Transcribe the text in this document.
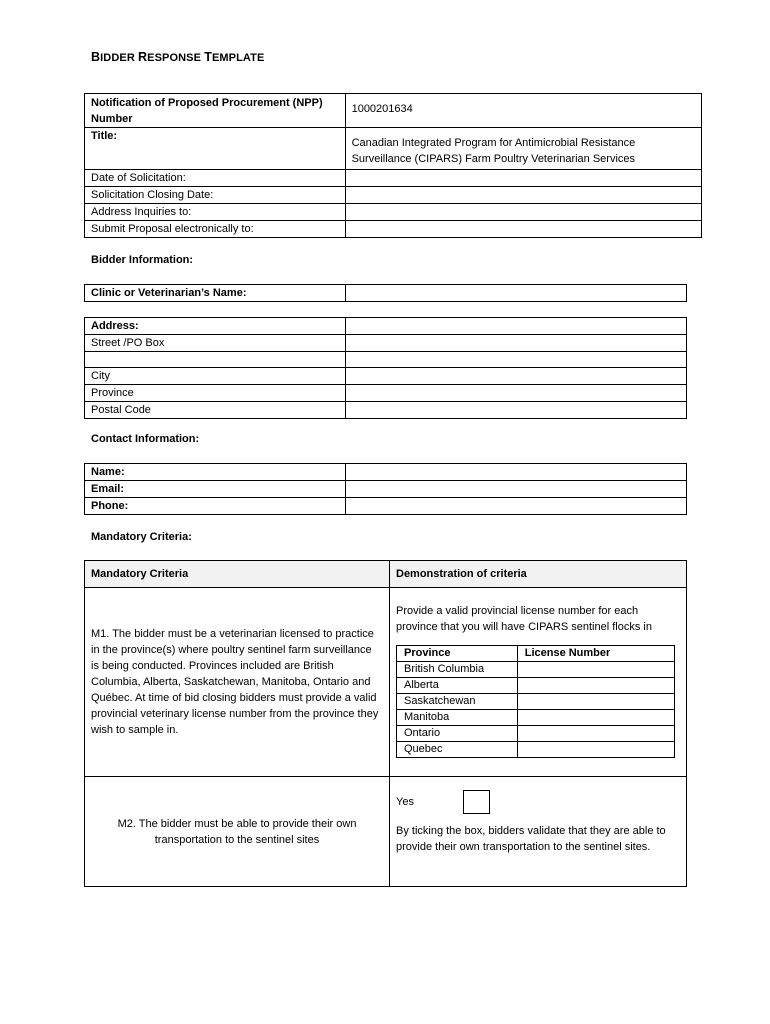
BIDDER RESPONSE TEMPLATE
Notification of Proposed Procurement (NPP) Number	1000201634
Title:	Canadian Integrated Program for Antimicrobial Resistance Surveillance (CIPARS) Farm Poultry Veterinarian Services
Date of Solicitation:	
Solicitation Closing Date:	
Address Inquiries to:	
Submit Proposal electronically to:	
Bidder Information:
Clinic or Veterinarian’s Name:	
Address:	
Street /PO Box	

City	
Province	
Postal Code	
Contact Information:
Name:	
Email:	
Phone:	
Mandatory Criteria:
Mandatory Criteria	Demonstration of criteria
M1. The bidder must be a veterinarian licensed to practice in the province(s) where poultry sentinel farm surveillance is being conducted. Provinces included are British Columbia, Alberta, Saskatchewan, Manitoba, Ontario and Québec. At time of bid closing bidders must provide a valid provincial veterinary license number from the province they wish to sample in.	
Provide a valid provincial license number for each province that you will have CIPARS sentinel flocks in
Province	License Number
British Columbia	
Alberta	
Saskatchewan	
Manitoba	
Ontario	
Quebec	

M2. The bidder must be able to provide their own transportation to the sentinel sites	
Yes
By ticking the box, bidders validate that they are able to provide their own transportation to the sentinel sites.
